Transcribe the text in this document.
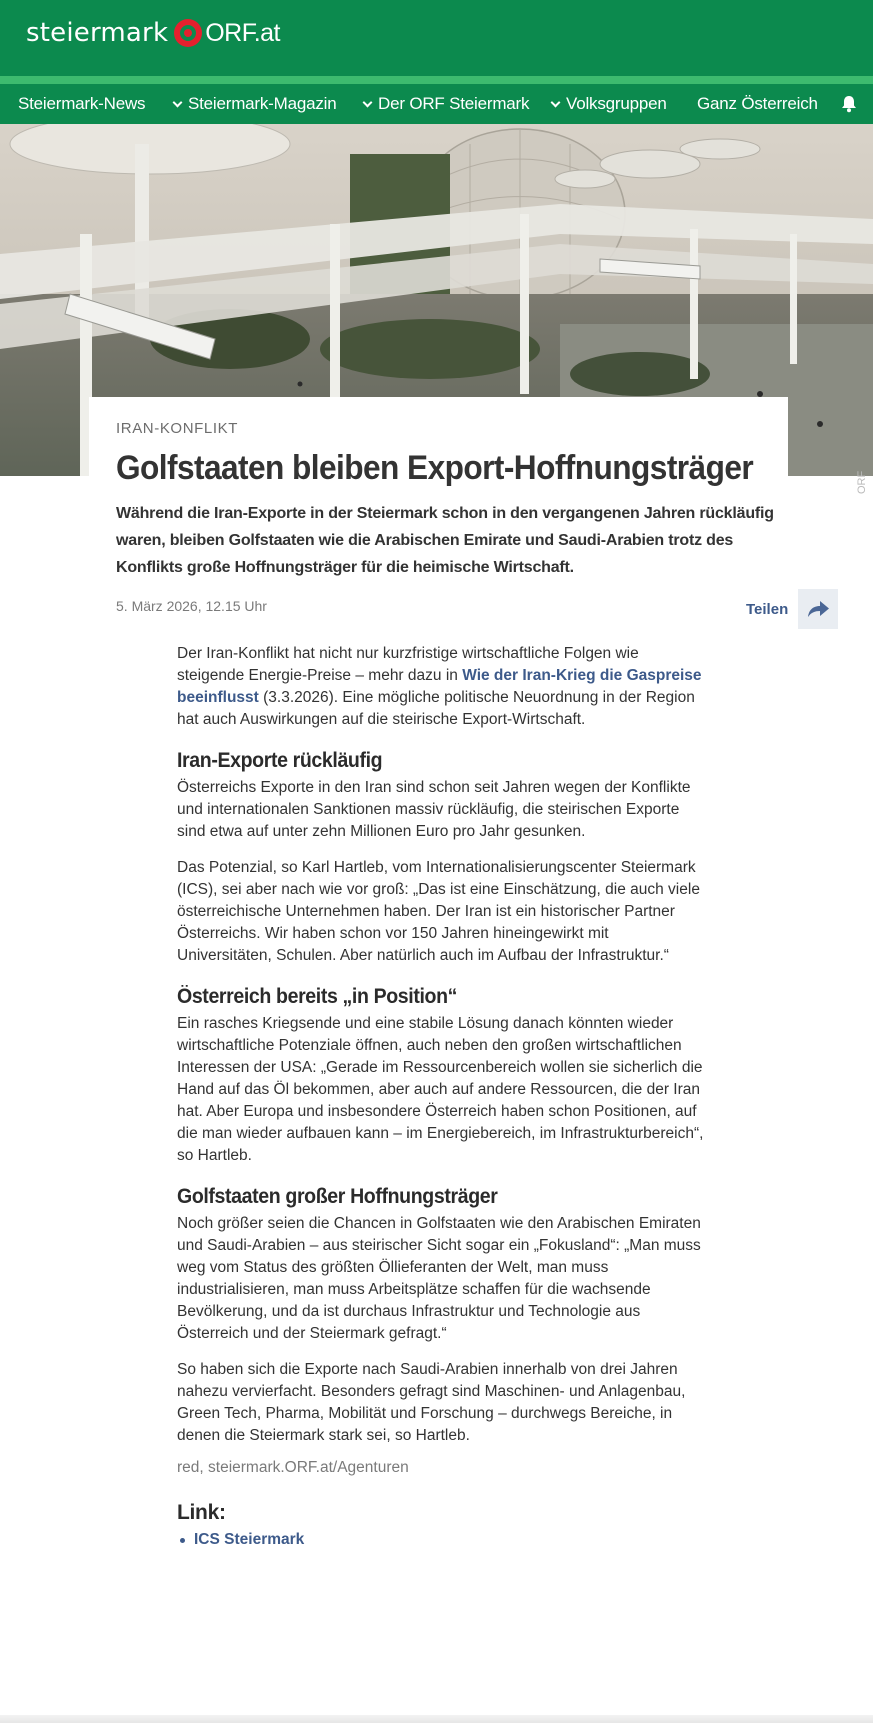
steiermark ORF.at
Steiermark-News	Steiermark-Magazin Der ORF Steiermark Volksgruppen Ganz Österreich
IRAN-KONFLIKT
Golfstaaten bleiben Export-Hoffnungsträger

Während die Iran-Exporte in der Steiermark schon in den vergangenen Jahren rückläufig waren, bleiben Golfstaaten wie die Arabischen Emirate und Saudi-Arabien trotz des Konflikts große Hoffnungsträger für die heimische Wirtschaft.

ORF
5. März 2026, 12.15 Uhr	Teilen

Der Iran-Konflikt hat nicht nur kurzfristige wirtschaftliche Folgen wie steigende Energie-Preise – mehr dazu in Wie der Iran-Krieg die Gaspreise beeinflusst (3.3.2026). Eine mögliche politische Neuordnung in der Region hat auch Auswirkungen auf die steirische Export-Wirtschaft.

Iran-Exporte rückläufig

Österreichs Exporte in den Iran sind schon seit Jahren wegen der Konflikte und internationalen Sanktionen massiv rückläufig, die steirischen Exporte sind etwa auf unter zehn Millionen Euro pro Jahr gesunken.

Das Potenzial, so Karl Hartleb, vom Internationalisierungscenter Steiermark (ICS), sei aber nach wie vor groß: „Das ist eine Einschätzung, die auch viele österreichische Unternehmen haben. Der Iran ist ein historischer Partner Österreichs. Wir haben schon vor 150 Jahren hineingewirkt mit Universitäten, Schulen. Aber natürlich auch im Aufbau der Infrastruktur.“

Österreich bereits „in Position“

Ein rasches Kriegsende und eine stabile Lösung danach könnten wieder wirtschaftliche Potenziale öffnen, auch neben den großen wirtschaftlichen Interessen der USA: „Gerade im Ressourcenbereich wollen sie sicherlich die Hand auf das Öl bekommen, aber auch auf andere Ressourcen, die der Iran hat. Aber Europa und insbesondere Österreich haben schon Positionen, auf die man wieder aufbauen kann – im Energiebereich, im Infrastrukturbereich“, so Hartleb.

Golfstaaten großer Hoffnungsträger

Noch größer seien die Chancen in Golfstaaten wie den Arabischen Emiraten und Saudi-Arabien – aus steirischer Sicht sogar ein „Fokusland“: „Man muss weg vom Status des größten Öllieferanten der Welt, man muss industrialisieren, man muss Arbeitsplätze schaffen für die wachsende Bevölkerung, und da ist durchaus Infrastruktur und Technologie aus Österreich und der Steiermark gefragt.“

So haben sich die Exporte nach Saudi-Arabien innerhalb von drei Jahren nahezu vervierfacht. Besonders gefragt sind Maschinen- und Anlagenbau, Green Tech, Pharma, Mobilität und Forschung – durchwegs Bereiche, in denen die Steiermark stark sei, so Hartleb.

red, steiermark.ORF.at/Agenturen
Link:
ICS Steiermark
